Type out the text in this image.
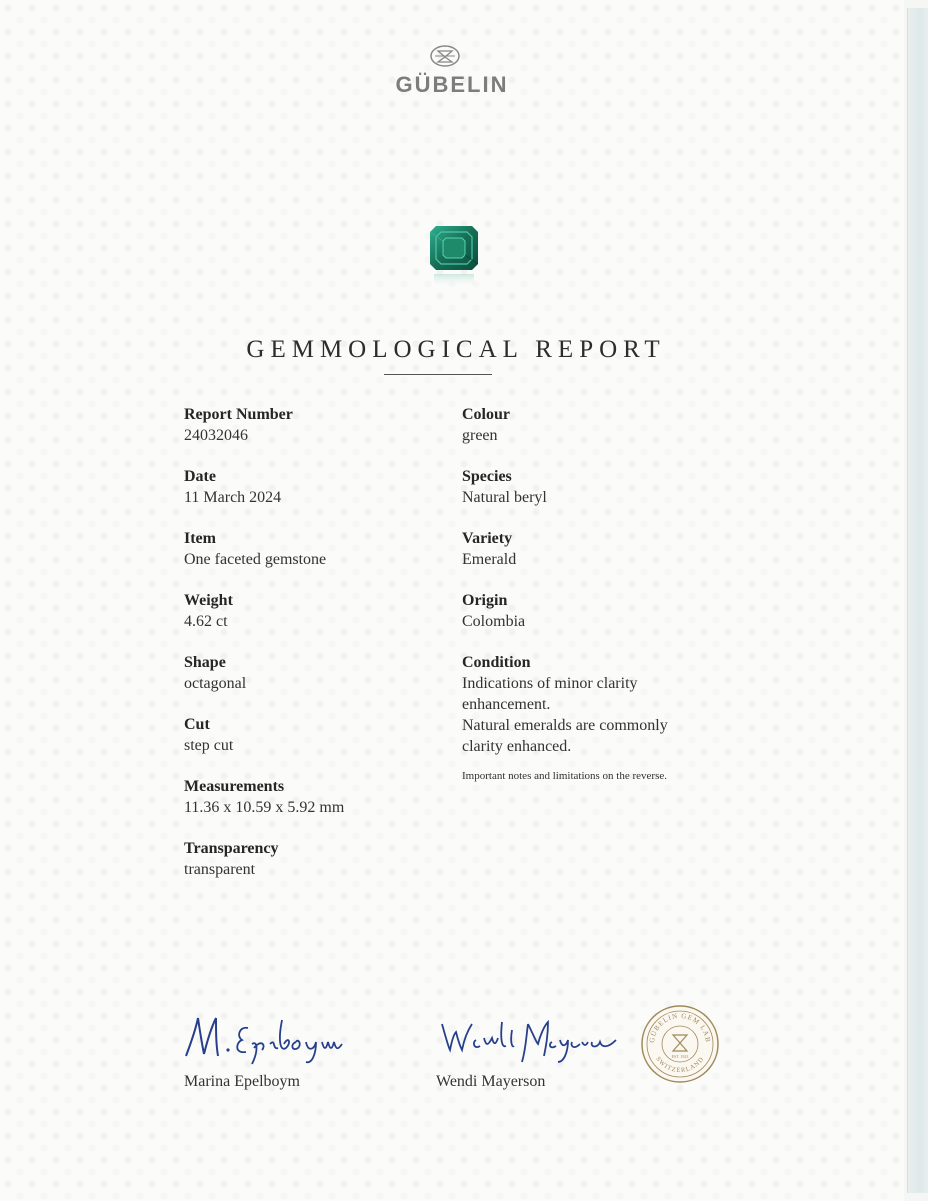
GÜBELIN
GEMMOLOGICAL REPORT
Report Number
24032046
Date
11 March 2024
Item
One faceted gemstone
Weight
4.62 ct
Shape
octagonal
Cut
step cut
Measurements
11.36 x 10.59 x 5.92 mm
Transparency
transparent
Colour
green
Species
Natural beryl
Variety
Emerald
Origin
Colombia
Condition
Indications of minor clarity
enhancement.
Natural emeralds are commonly
clarity enhanced.
Important notes and limitations on the reverse.
Marina Epelboym	Wendi Mayerson
GÜBELIN GEM LAB
SWITZERLAND
EST. 1923
